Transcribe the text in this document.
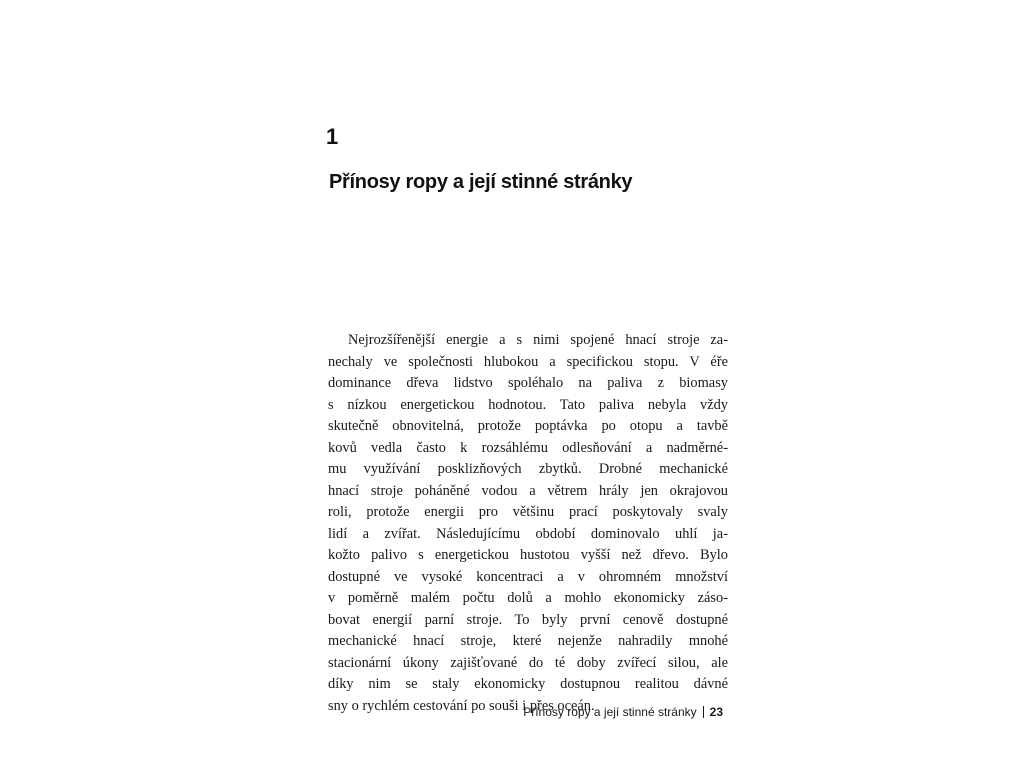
1
Přínosy ropy a její stinné stránky
Nejrozšířenější energie a s nimi spojené hnací stroje za-
nechaly ve společnosti hlubokou a specifickou stopu. V éře
dominance dřeva lidstvo spoléhalo na paliva z biomasy
s nízkou energetickou hodnotou. Tato paliva nebyla vždy
skutečně obnovitelná, protože poptávka po otopu a tavbě
kovů vedla často k rozsáhlému odlesňování a nadměrné-
mu využívání posklizňových zbytků. Drobné mechanické
hnací stroje poháněné vodou a větrem hrály jen okrajovou
roli, protože energii pro většinu prací poskytovaly svaly
lidí a zvířat. Následujícímu období dominovalo uhlí ja-
kožto palivo s energetickou hustotou vyšší než dřevo. Bylo
dostupné ve vysoké koncentraci a v ohromném množství
v poměrně malém počtu dolů a mohlo ekonomicky záso-
bovat energií parní stroje. To byly první cenově dostupné
mechanické hnací stroje, které nejenže nahradily mnohé
stacionární úkony zajišťované do té doby zvířecí silou, ale
díky nim se staly ekonomicky dostupnou realitou dávné
sny o rychlém cestování po souši i přes oceán.
Přínosy ropy a její stinné stránky 23
